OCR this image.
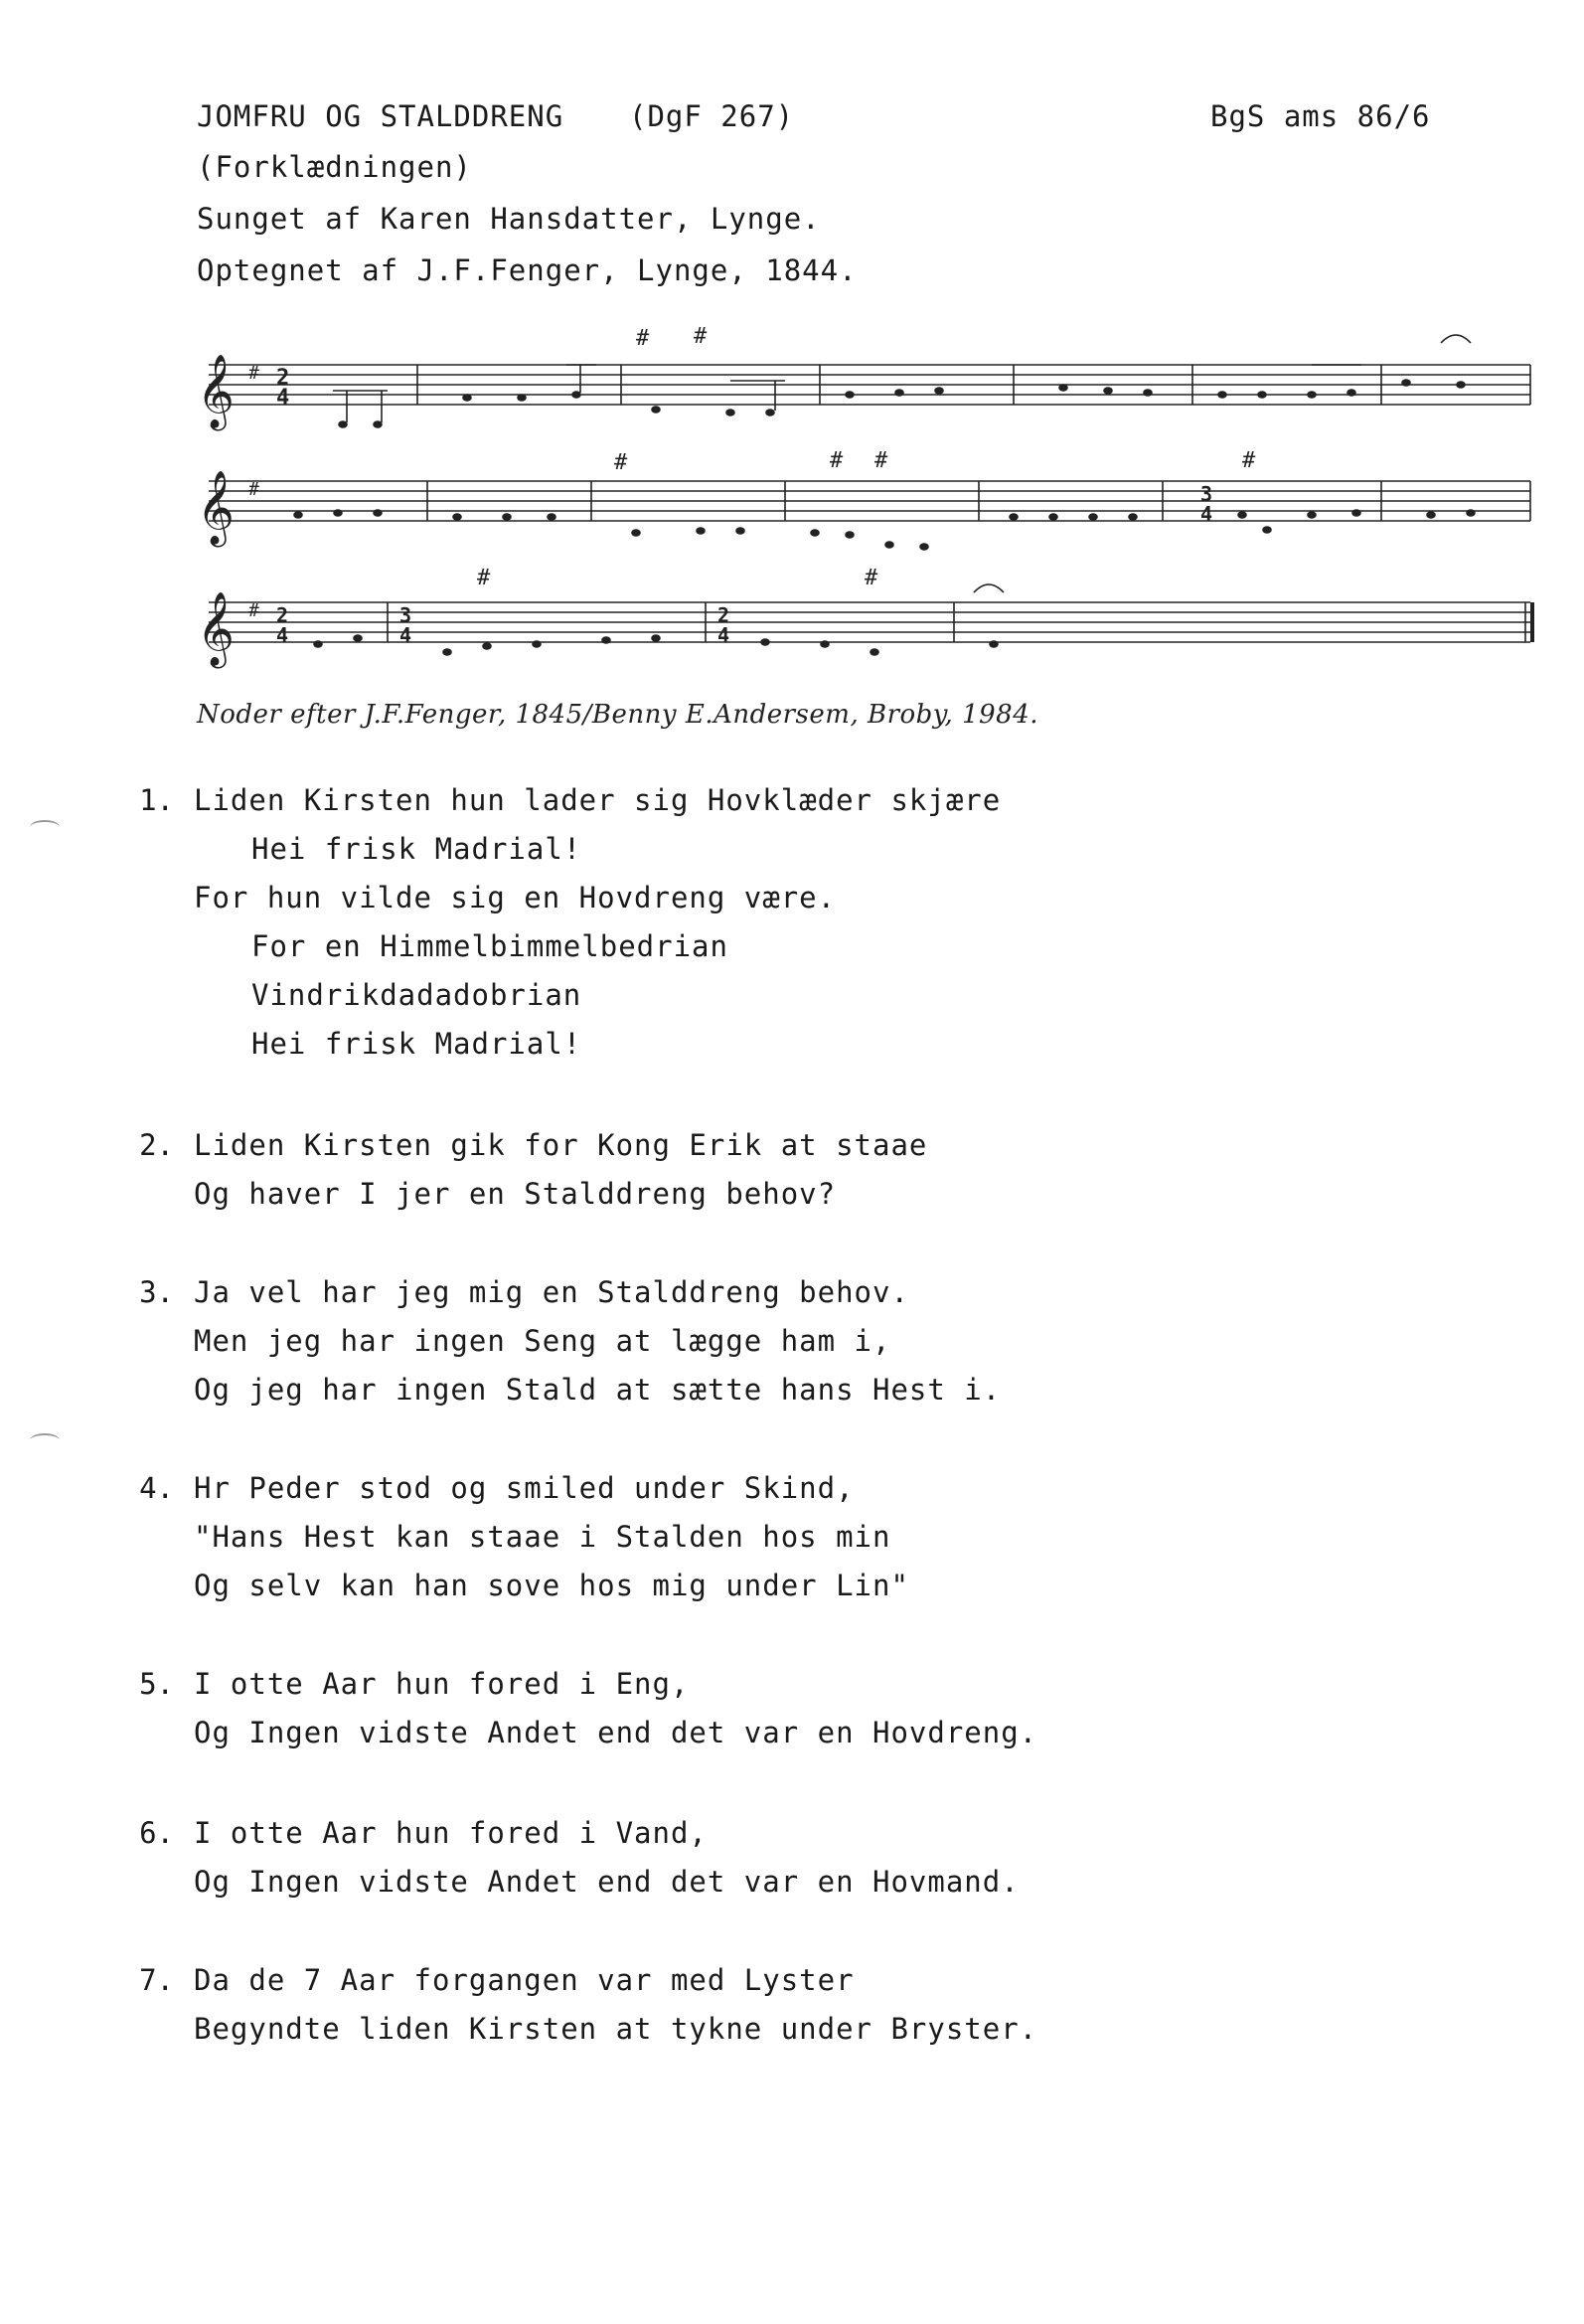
JOMFRU OG STALDDRENG (DgF 267)	BgS ams 86/6
(Forklædningen)
Sunget af Karen Hansdatter, Lynge.
Optegnet af J.F.Fenger, Lynge, 1844.
𝄞 # 2
4
# #
𝄞 #	3
4
#	# #	#
𝄞 # 2
4
3
4
2
4
#	#
Noder efter J.F.Fenger, 1845/Benny E.Andersem, Broby, 1984.
1. Liden Kirsten hun lader sig Hovklæder skjære
Hei frisk Madrial!
For hun vilde sig en Hovdreng være.
For en Himmelbimmelbedrian
Vindrikdadadobrian
Hei frisk Madrial!
2. Liden Kirsten gik for Kong Erik at staae
Og haver I jer en Stalddreng behov?
3. Ja vel har jeg mig en Stalddreng behov.
Men jeg har ingen Seng at lægge ham i,
Og jeg har ingen Stald at sætte hans Hest i.
4. Hr Peder stod og smiled under Skind,
"Hans Hest kan staae i Stalden hos min
Og selv kan han sove hos mig under Lin"
5. I otte Aar hun fored i Eng,
Og Ingen vidste Andet end det var en Hovdreng.
6. I otte Aar hun fored i Vand,
Og Ingen vidste Andet end det var en Hovmand.
7. Da de 7 Aar forgangen var med Lyster
Begyndte liden Kirsten at tykne under Bryster.
